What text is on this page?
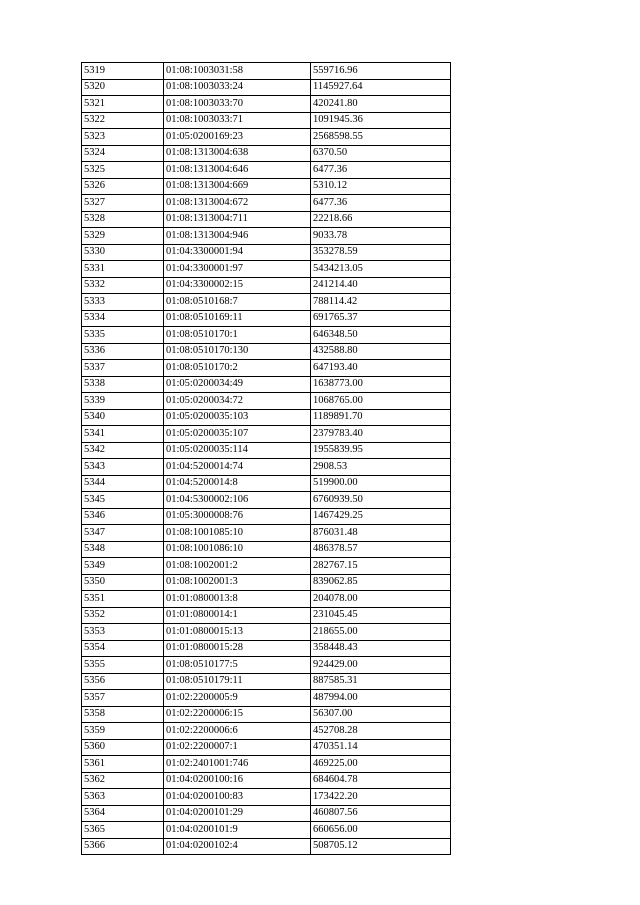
5319	01:08:1003031:58	559716.96
5320	01:08:1003033:24	1145927.64
5321	01:08:1003033:70	420241.80
5322	01:08:1003033:71	1091945.36
5323	01:05:0200169:23	2568598.55
5324	01:08:1313004:638	6370.50
5325	01:08:1313004:646	6477.36
5326	01:08:1313004:669	5310.12
5327	01:08:1313004:672	6477.36
5328	01:08:1313004:711	22218.66
5329	01:08:1313004:946	9033.78
5330	01:04:3300001:94	353278.59
5331	01:04:3300001:97	5434213.05
5332	01:04:3300002:15	241214.40
5333	01:08:0510168:7	788114.42
5334	01:08:0510169:11	691765.37
5335	01:08:0510170:1	646348.50
5336	01:08:0510170:130	432588.80
5337	01:08:0510170:2	647193.40
5338	01:05:0200034:49	1638773.00
5339	01:05:0200034:72	1068765.00
5340	01:05:0200035:103	1189891.70
5341	01:05:0200035:107	2379783.40
5342	01:05:0200035:114	1955839.95
5343	01:04:5200014:74	2908.53
5344	01:04:5200014:8	519900.00
5345	01:04:5300002:106	6760939.50
5346	01:05:3000008:76	1467429.25
5347	01:08:1001085:10	876031.48
5348	01:08:1001086:10	486378.57
5349	01:08:1002001:2	282767.15
5350	01:08:1002001:3	839062.85
5351	01:01:0800013:8	204078.00
5352	01:01:0800014:1	231045.45
5353	01:01:0800015:13	218655.00
5354	01:01:0800015:28	358448.43
5355	01:08:0510177:5	924429.00
5356	01:08:0510179:11	887585.31
5357	01:02:2200005:9	487994.00
5358	01:02:2200006:15	56307.00
5359	01:02:2200006:6	452708.28
5360	01:02:2200007:1	470351.14
5361	01:02:2401001:746	469225.00
5362	01:04:0200100:16	684604.78
5363	01:04:0200100:83	173422.20
5364	01:04:0200101:29	460807.56
5365	01:04:0200101:9	660656.00
5366	01:04:0200102:4	508705.12
